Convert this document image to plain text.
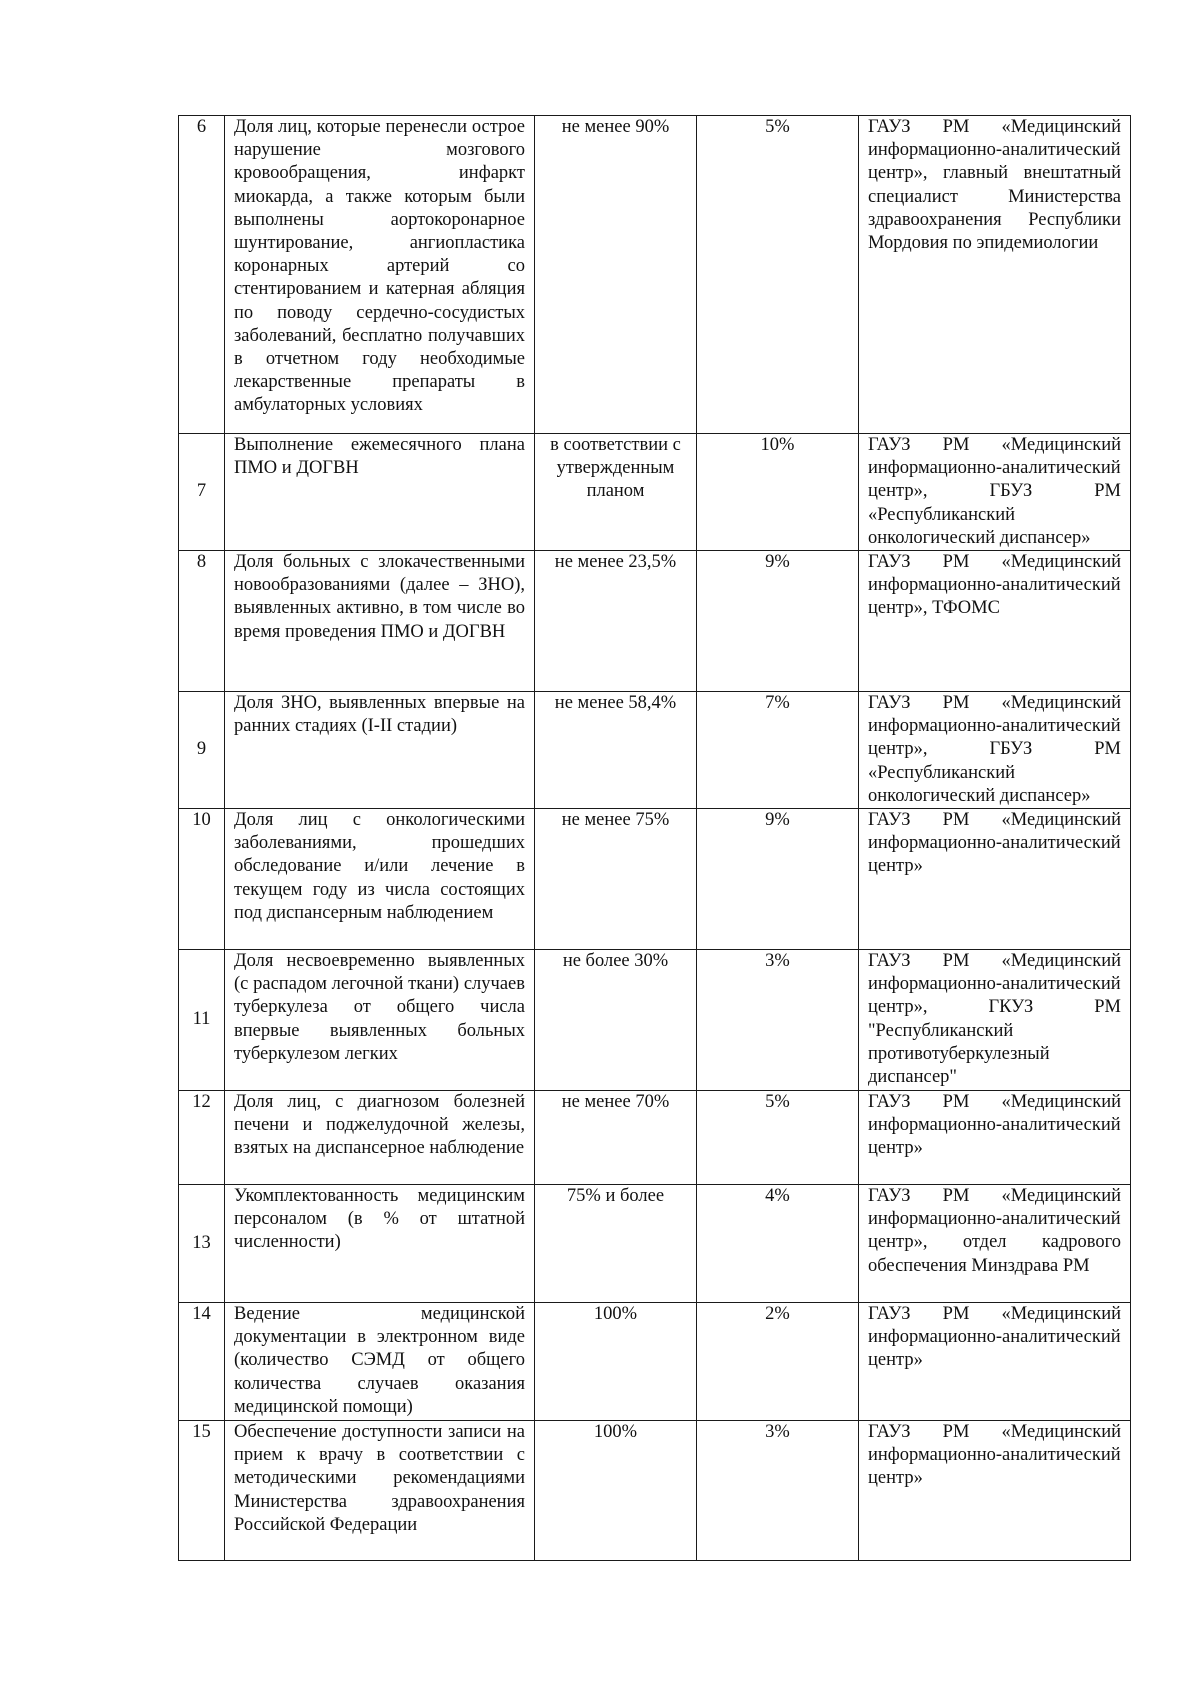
6	Доля лиц, которые перенесли острое нарушение мозгового кровообращения, инфаркт миокарда, а также которым были выполнены аортокоронарное шунтирование, ангиопластика коронарных артерий со стентированием и катерная абляция по поводу сердечно-сосудистых заболеваний, бесплатно получавших в отчетном году необходимые лекарственные препараты в амбулаторных условиях	не менее 90%	5%	ГАУЗ РМ «Медицинский информационно-аналитический центр», главный внештатный специалист Министерства здравоохранения Республики Мордовия по эпидемиологии
7	Выполнение ежемесячного плана ПМО и ДОГВН	в соответствии с утвержденным планом	10%	ГАУЗ РМ «Медицинский информационно-аналитический центр», ГБУЗ РМ «Республиканский онкологический диспансер»
8	Доля больных с злокачественными новообразованиями (далее – ЗНО), выявленных активно, в том числе во время проведения ПМО и ДОГВН	не менее 23,5%	9%	ГАУЗ РМ «Медицинский информационно-аналитический центр», ТФОМС
9	Доля ЗНО, выявленных впервые на ранних стадиях (I-II стадии)	не менее 58,4%	7%	ГАУЗ РМ «Медицинский информационно-аналитический центр», ГБУЗ РМ «Республиканский онкологический диспансер»
10	Доля лиц с онкологическими заболеваниями, прошедших обследование и/или лечение в текущем году из числа состоящих под диспансерным наблюдением	не менее 75%	9%	ГАУЗ РМ «Медицинский информационно-аналитический центр»
11	Доля несвоевременно выявленных (с распадом легочной ткани) случаев туберкулеза от общего числа впервые выявленных больных туберкулезом легких	не более 30%	3%	ГАУЗ РМ «Медицинский информационно-аналитический центр», ГКУЗ РМ "Республиканский противотуберкулезный диспансер"
12	Доля лиц, с диагнозом болезней печени и поджелудочной железы, взятых на диспансерное наблюдение	не менее 70%	5%	ГАУЗ РМ «Медицинский информационно-аналитический центр»
13	Укомплектованность медицинским персоналом (в % от штатной численности)	75% и более	4%	ГАУЗ РМ «Медицинский информационно-аналитический центр», отдел кадрового обеспечения Минздрава РМ
14	Ведение медицинской документации в электронном виде (количество СЭМД от общего количества случаев оказания медицинской помощи)	100%	2%	ГАУЗ РМ «Медицинский информационно-аналитический центр»
15	Обеспечение доступности записи на прием к врачу в соответствии с методическими рекомендациями Министерства здравоохранения Российской Федерации	100%	3%	ГАУЗ РМ «Медицинский информационно-аналитический центр»
